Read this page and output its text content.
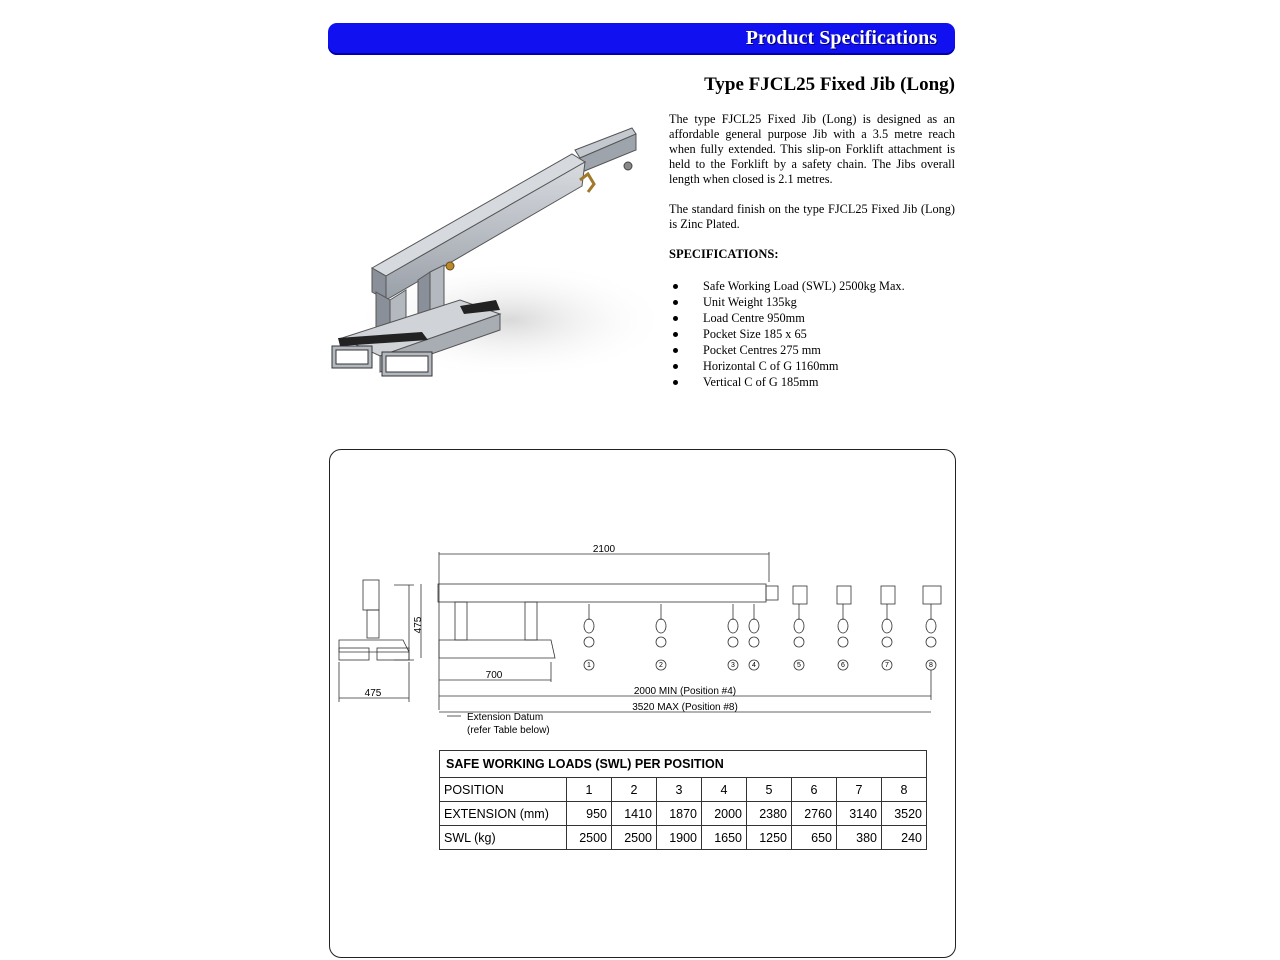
Product Specifications
Type FJCL25 Fixed Jib (Long)
The type FJCL25 Fixed Jib (Long) is designed as an affordable general purpose Jib with a 3.5 metre reach when fully extended. This slip-on Forklift attachment is held to the Forklift by a safety chain. The Jibs overall length when closed is 2.1 metres.
The standard finish on the type FJCL25 Fixed Jib (Long) is Zinc Plated.
SPECIFICATIONS:
Safe Working Load (SWL) 2500kg Max.
Unit Weight 135kg
Load Centre 950mm
Pocket Size 185 x 65
Pocket Centres 275 mm
Horizontal C of G 1160mm
Vertical C of G 185mm
2100
475
475
700
2000 MIN (Position #4)
3520 MAX (Position #8)
Extension Datum
(refer Table below)
1	2	3 4	5	6	7	8
SAFE WORKING LOADS (SWL) PER POSITION								
POSITION	1	2	3	4	5	6	7	8
EXTENSION (mm)	950	1410	1870	2000	2380	2760	3140	3520
SWL (kg)	2500	2500	1900	1650	1250	650	380	240
